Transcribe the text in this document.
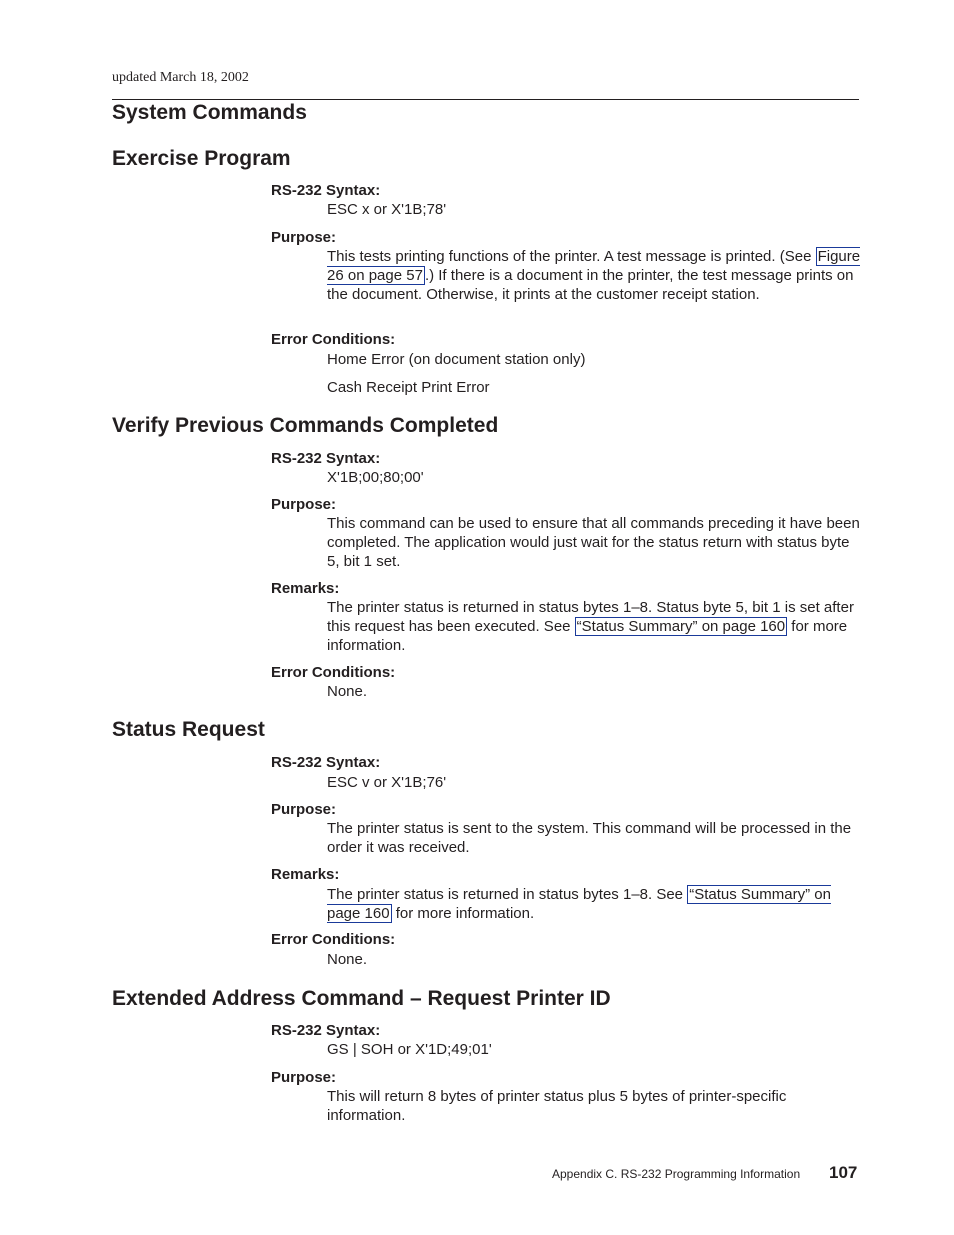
updated March 18, 2002
System Commands
Exercise Program
RS-232 Syntax:
ESC x or X'1B;78'
Purpose:
This tests printing functions of the printer. A test message is printed. (See Figure 26 on page 57 .) If there is a document in the printer, the test message prints on the document. Otherwise, it prints at the customer receipt station.
Error Conditions:
Home Error (on document station only)
Cash Receipt Print Error
Verify Previous Commands Completed
RS-232 Syntax:
X'1B;00;80;00'
Purpose:
This command can be used to ensure that all commands preceding it have been completed. The application would just wait for the status return with status byte 5, bit 1 set.
Remarks:
The printer status is returned in status bytes 1–8. Status byte 5, bit 1 is set after this request has been executed. See “Status Summary” on page 160 for more information.
Error Conditions:
None.
Status Request
RS-232 Syntax:
ESC v or X'1B;76'
Purpose:
The printer status is sent to the system. This command will be processed in the order it was received.
Remarks:
The printer status is returned in status bytes 1–8. See “Status Summary” on page 160 for more information.
Error Conditions:
None.
Extended Address Command – Request Printer ID
RS-232 Syntax:
GS | SOH or X'1D;49;01'
Purpose:
This will return 8 bytes of printer status plus 5 bytes of printer-specific information.
Appendix C. RS-232 Programming Information 107
